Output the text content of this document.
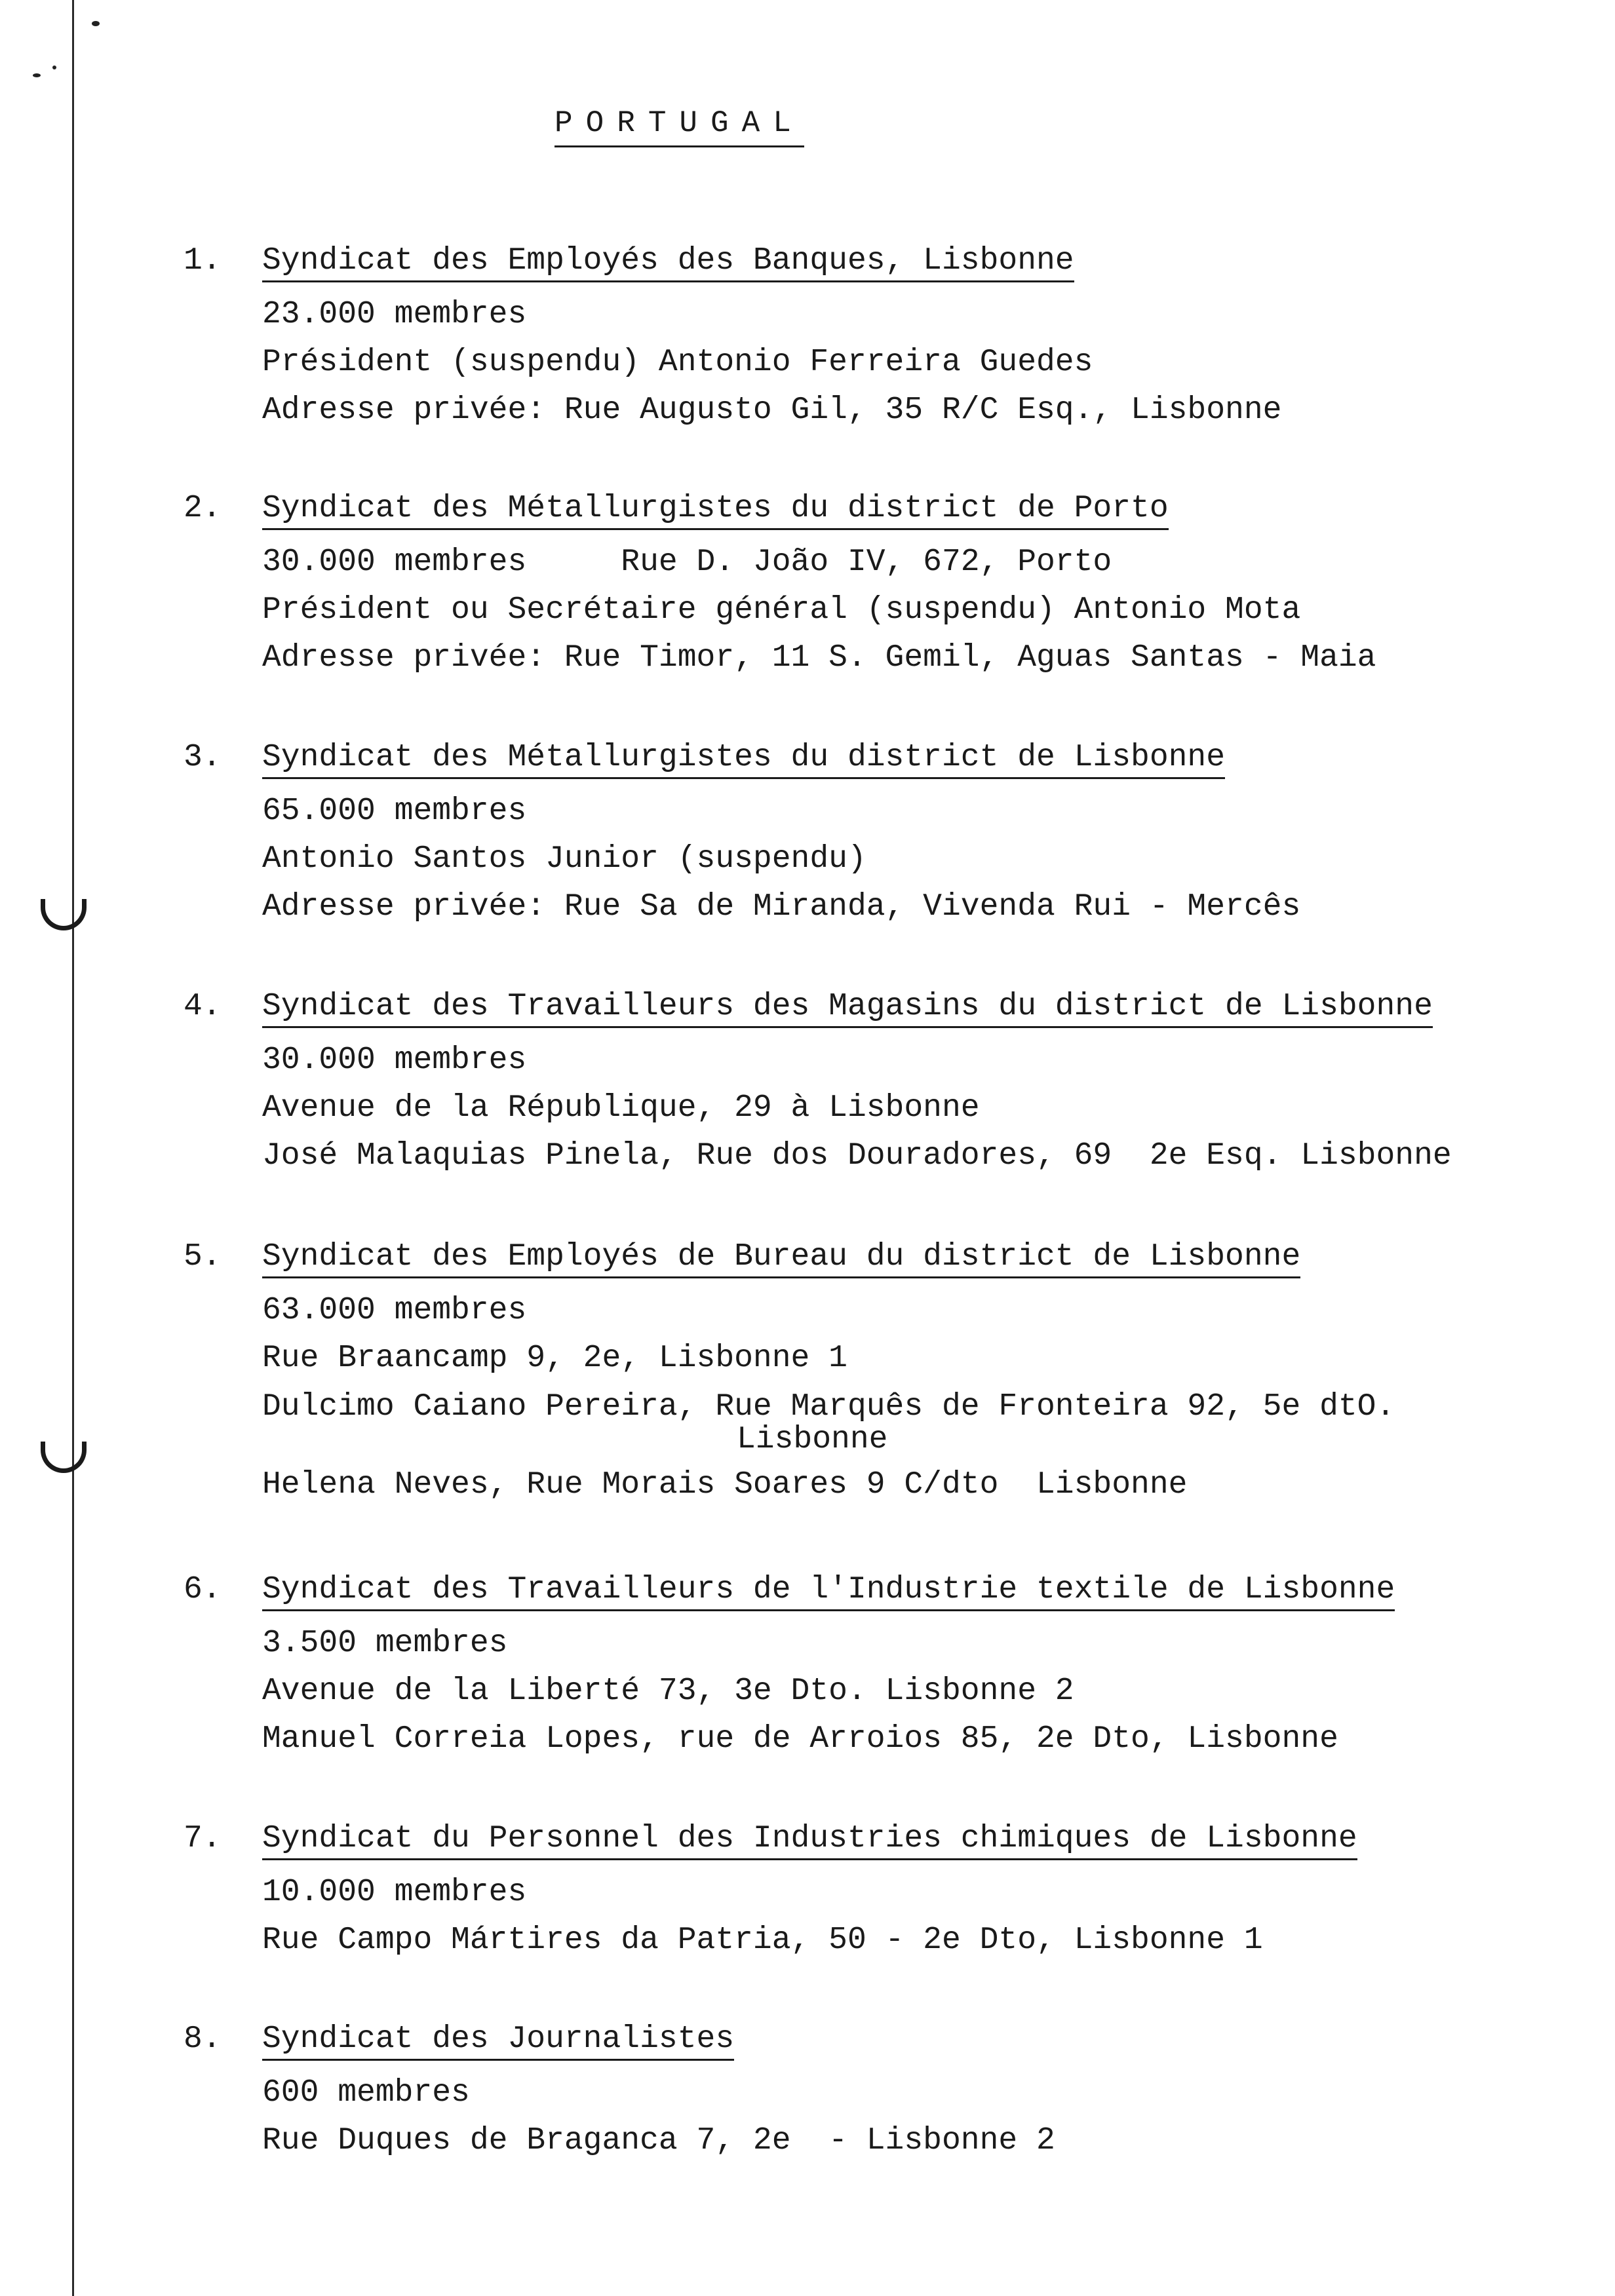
PORTUGAL
1. Syndicat des Employés des Banques, Lisbonne
23.000 membres
Président (suspendu) Antonio Ferreira Guedes
Adresse privée: Rue Augusto Gil, 35 R/C Esq., Lisbonne
2. Syndicat des Métallurgistes du district de Porto
30.000 membres     Rue D. João IV, 672, Porto
Président ou Secrétaire général (suspendu) Antonio Mota
Adresse privée: Rue Timor, 11 S. Gemil, Aguas Santas - Maia
3. Syndicat des Métallurgistes du district de Lisbonne
65.000 membres
Antonio Santos Junior (suspendu)
Adresse privée: Rue Sa de Miranda, Vivenda Rui - Mercês
4. Syndicat des Travailleurs des Magasins du district de Lisbonne
30.000 membres
Avenue de la République, 29 à Lisbonne
José Malaquias Pinela, Rue dos Douradores, 69  2e Esq. Lisbonne
5. Syndicat des Employés de Bureau du district de Lisbonne
63.000 membres
Rue Braancamp 9, 2e, Lisbonne 1
Dulcimo Caiano Pereira, Rue Marquês de Fronteira 92, 5e dtO.
Lisbonne
Helena Neves, Rue Morais Soares 9 C/dto  Lisbonne
6. Syndicat des Travailleurs de l'Industrie textile de Lisbonne
3.500 membres
Avenue de la Liberté 73, 3e Dto. Lisbonne 2
Manuel Correia Lopes, rue de Arroios 85, 2e Dto, Lisbonne
7. Syndicat du Personnel des Industries chimiques de Lisbonne
10.000 membres
Rue Campo Mártires da Patria, 50 - 2e Dto, Lisbonne 1
8. Syndicat des Journalistes
600 membres
Rue Duques de Braganca 7, 2e  - Lisbonne 2
